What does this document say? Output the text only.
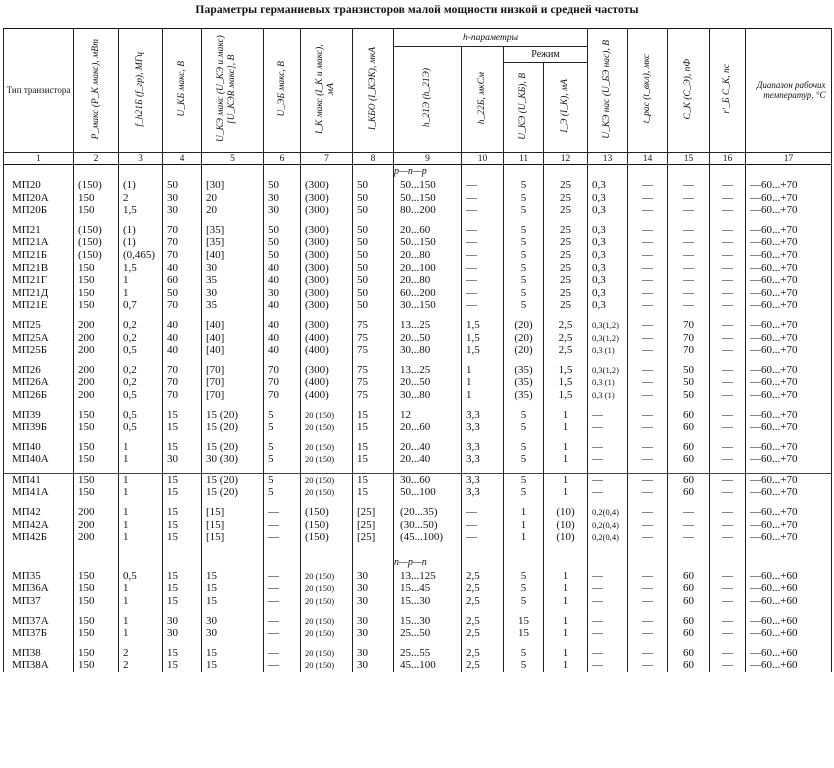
Параметры германиевых транзисторов малой мощности низкой и средней частоты
Тип транзистора	P_макс (P_К макс), мВт	f_h21Б (f_гр), МГц	U_КБ макс, В	U_КЭ макс (U_КЭ и макс) [U_КЭR макс], В	U_ЭБ макс, В	I_К макс (I_К и макс), мА	I_КБО (I_КЭК), мкА	h-параметры				U_КЭ нас (U_БЭ нас), В	t_рас (t_вкл), мкс	C_К (C_Э), пФ	r'_Б C_К, пс	Диапазон рабочих температур, °С
								h_21Э (h_21Э)	h_22Б, мкСм	Режим						
										U_КЭ (U_КБ), В	I_Э (I_К), мА					
1	2	3	4	5	6	7	8	9	10	11	12	13	14	15	16	17
								p—n—p								
МП20	(150)	(1)	50	[30]	50	(300)	50	50...150	—	5	25	0,3	—	—	—	—60...+70
МП20А	150	2	30	20	30	(300)	50	50...150	—	5	25	0,3	—	—	—	—60...+70
МП20Б	150	1,5	30	20	30	(300)	50	80...200	—	5	25	0,3	—	—	—	—60...+70

МП21	(150)	(1)	70	[35]	50	(300)	50	20...60	—	5	25	0,3	—	—	—	—60...+70
МП21А	(150)	(1)	70	[35]	50	(300)	50	50...150	—	5	25	0,3	—	—	—	—60...+70
МП21Б	(150)	(0,465)	70	[40]	50	(300)	50	20...80	—	5	25	0,3	—	—	—	—60...+70
МП21В	150	1,5	40	30	40	(300)	50	20...100	—	5	25	0,3	—	—	—	—60...+70
МП21Г	150	1	60	35	40	(300)	50	20...80	—	5	25	0,3	—	—	—	—60...+70
МП21Д	150	1	50	30	30	(300)	50	60...200	—	5	25	0,3	—	—	—	—60...+70
МП21Е	150	0,7	70	35	40	(300)	50	30...150	—	5	25	0,3	—	—	—	—60...+70

МП25	200	0,2	40	[40]	40	(300)	75	13...25	1,5	(20)	2,5	0,3(1,2)	—	70	—	—60...+70
МП25А	200	0,2	40	[40]	40	(400)	75	20...50	1,5	(20)	2,5	0,3(1,2)	—	70	—	—60...+70
МП25Б	200	0,5	40	[40]	40	(400)	75	30...80	1,5	(20)	2,5	0,3 (1)	—	70	—	—60...+70

МП26	200	0,2	70	[70]	70	(300)	75	13...25	1	(35)	1,5	0,3(1,2)	—	50	—	—60...+70
МП26А	200	0,2	70	[70]	70	(400)	75	20...50	1	(35)	1,5	0,3 (1)	—	50	—	—60...+70
МП26Б	200	0,5	70	[70]	70	(400)	75	30...80	1	(35)	1,5	0,3 (1)	—	50	—	—60...+70

МП39	150	0,5	15	15 (20)	5	20 (150)	15	12	3,3	5	1	—	—	60	—	—60...+70
МП39Б	150	0,5	15	15 (20)	5	20 (150)	15	20...60	3,3	5	1	—	—	60	—	—60...+70

МП40	150	1	15	15 (20)	5	20 (150)	15	20...40	3,3	5	1	—	—	60	—	—60...+70
МП40А	150	1	30	30 (30)	5	20 (150)	15	20...40	3,3	5	1	—	—	60	—	—60...+70

МП41	150	1	15	15 (20)	5	20 (150)	15	30...60	3,3	5	1	—	—	60	—	—60...+70
МП41А	150	1	15	15 (20)	5	20 (150)	15	50...100	3,3	5	1	—	—	60	—	—60...+70

МП42	200	1	15	[15]	—	(150)	[25]	(20...35)	—	1	(10)	0,2(0,4)	—	—	—	—60...+70
МП42А	200	1	15	[15]	—	(150)	[25]	(30...50)	—	1	(10)	0,2(0,4)	—	—	—	—60...+70
МП42Б	200	1	15	[15]	—	(150)	[25]	(45...100)	—	1	(10)	0,2(0,4)	—	—	—	—60...+70

								n—p—n								
МП35	150	0,5	15	15	—	20 (150)	30	13...125	2,5	5	1	—	—	60	—	—60...+60
МП36А	150	1	15	15	—	20 (150)	30	15...45	2,5	5	1	—	—	60	—	—60...+60
МП37	150	1	15	15	—	20 (150)	30	15...30	2,5	5	1	—	—	60	—	—60...+60

МП37А	150	1	30	30	—	20 (150)	30	15...30	2,5	15	1	—	—	60	—	—60...+60
МП37Б	150	1	30	30	—	20 (150)	30	25...50	2,5	15	1	—	—	60	—	—60...+60

МП38	150	2	15	15	—	20 (150)	30	25...55	2,5	5	1	—	—	60	—	—60...+60
МП38А	150	2	15	15	—	20 (150)	30	45...100	2,5	5	1	—	—	60	—	—60...+60
